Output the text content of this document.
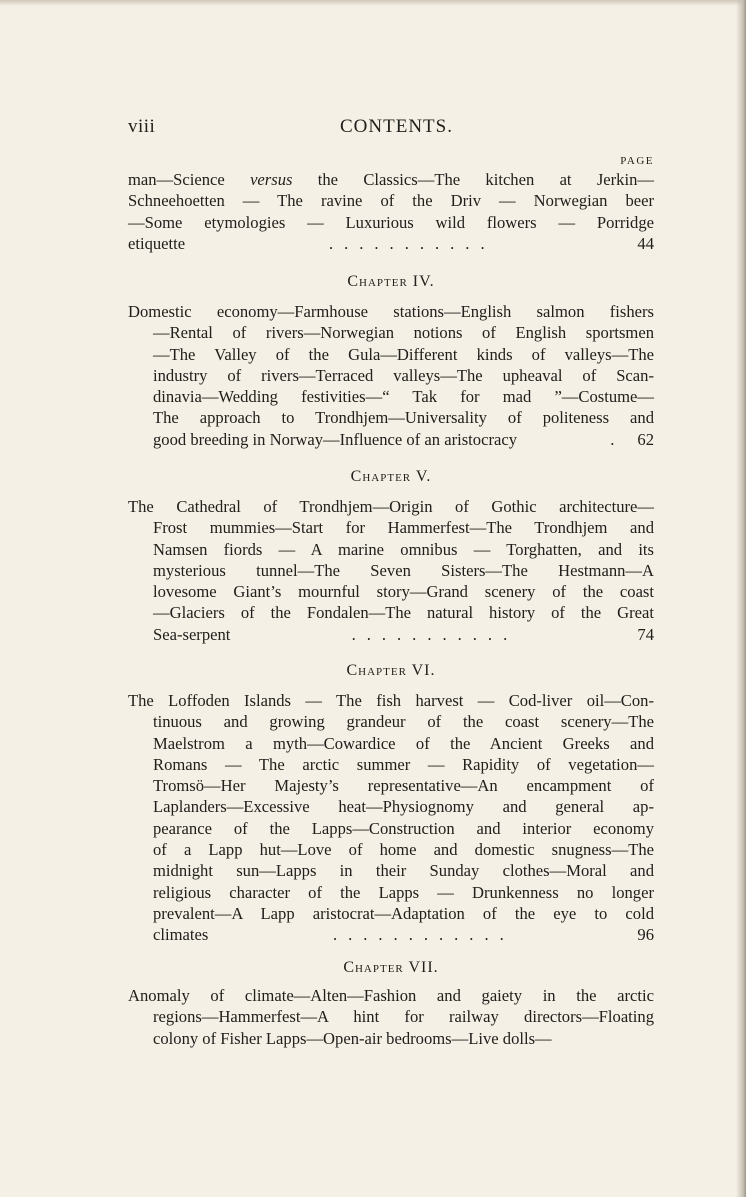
viii	CONTENTS.
PAGE
man—Science versus the Classics—The kitchen at Jerkin—
Schneehoetten — The ravine of the Driv — Norwegian beer
—Some etymologies — Luxurious wild flowers — Porridge
etiquette	...........	44
Chapter IV.
Domestic economy—Farmhouse stations—English salmon fishers
—Rental of rivers—Norwegian notions of English sportsmen
—The Valley of the Gula—Different kinds of valleys—The
industry of rivers—Terraced valleys—The upheaval of Scan-
dinavia—Wedding festivities—“ Tak for mad ”—Costume—
The approach to Trondhjem—Universality of politeness and
good breeding in Norway—Influence of an aristocracy	. 62
Chapter V.
The Cathedral of Trondhjem—Origin of Gothic architecture—
Frost mummies—Start for Hammerfest—The Trondhjem and
Namsen fiords — A marine omnibus — Torghatten, and its
mysterious tunnel—The Seven Sisters—The Hestmann—A
lovesome Giant’s mournful story—Grand scenery of the coast
—Glaciers of the Fondalen—The natural history of the Great
Sea-serpent	...........	74
Chapter VI.
The Loffoden Islands — The fish harvest — Cod-liver oil—Con-
tinuous and growing grandeur of the coast scenery—The
Maelstrom a myth—Cowardice of the Ancient Greeks and
Romans — The arctic summer — Rapidity of vegetation—
Tromsö—Her Majesty’s representative—An encampment of
Laplanders—Excessive heat—Physiognomy and general ap-
pearance of the Lapps—Construction and interior economy
of a Lapp hut—Love of home and domestic snugness—The
midnight sun—Lapps in their Sunday clothes—Moral and
religious character of the Lapps — Drunkenness no longer
prevalent—A Lapp aristocrat—Adaptation of the eye to cold
climates	............	96
Chapter VII.
Anomaly of climate—Alten—Fashion and gaiety in the arctic
regions—Hammerfest—A hint for railway directors—Floating
colony of Fisher Lapps—Open-air bedrooms—Live dolls—
